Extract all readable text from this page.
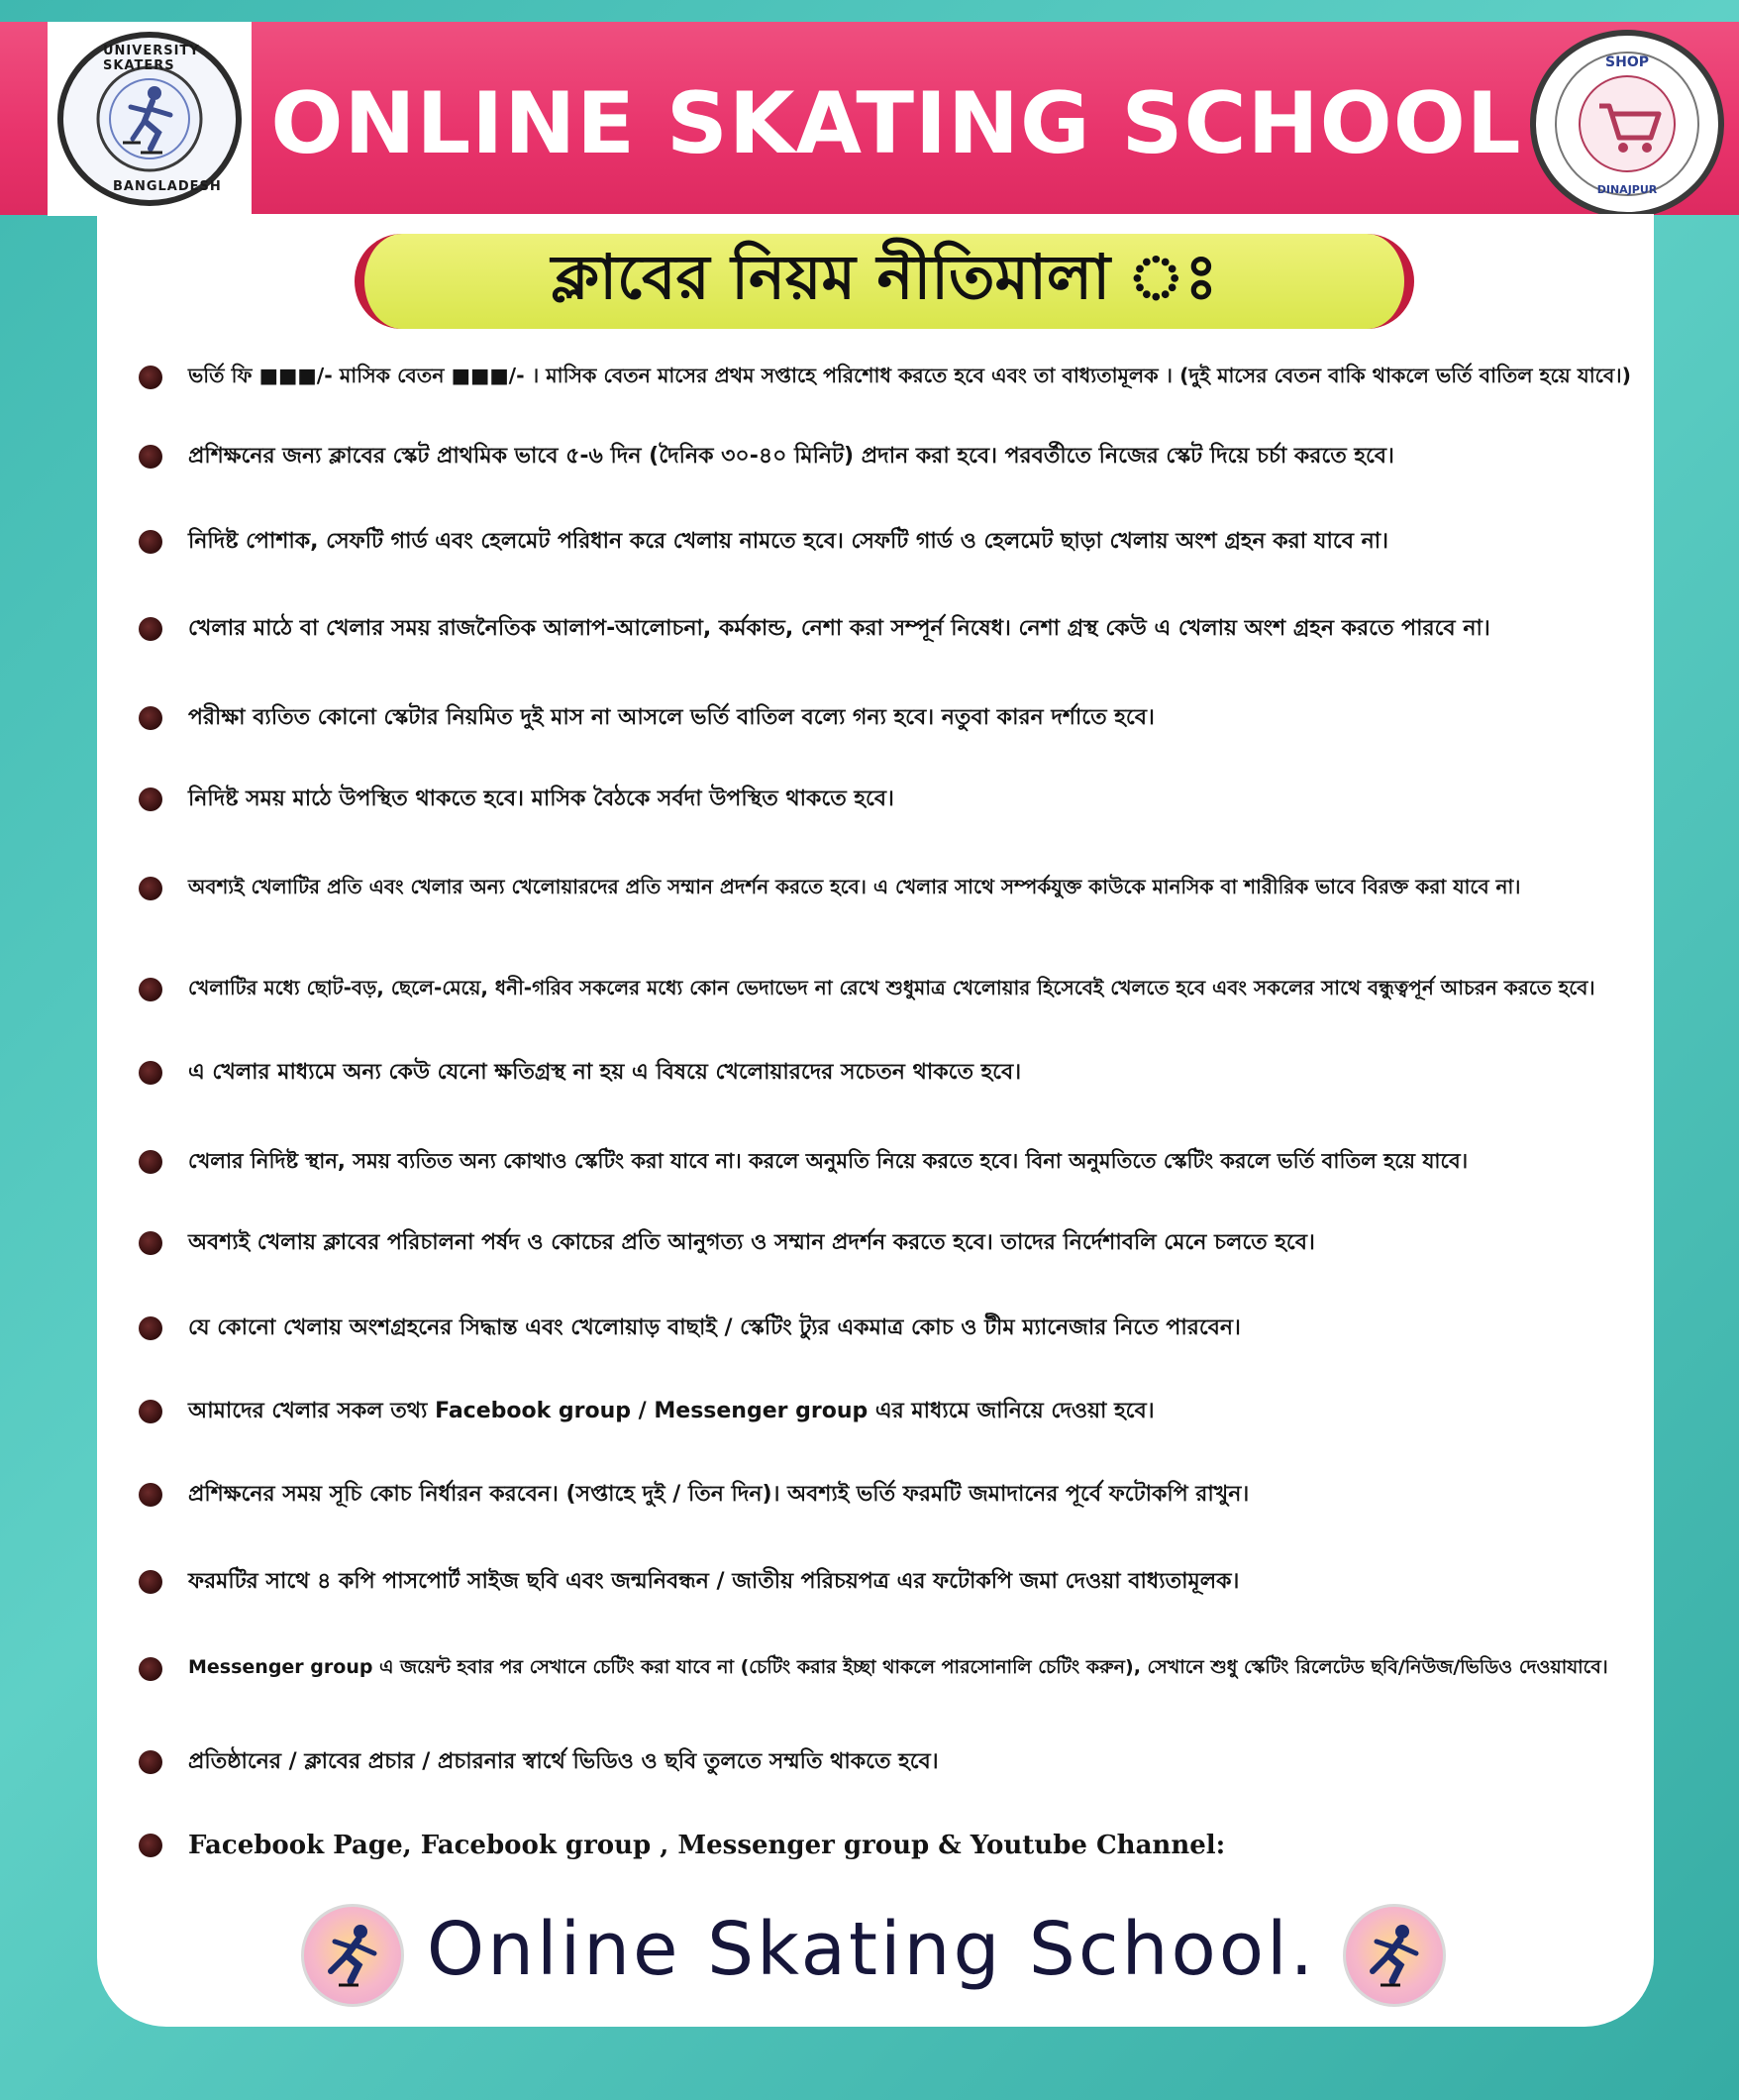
UNIVERSITY SKATERS
BANGLADESH
ONLINE SKATING SCHOOL
SHOP
DINAJPUR
ক্লাবের নিয়ম নীতিমালা ঃ
ভর্তি ফি ■■■/- মাসিক বেতন ■■■/- । মাসিক বেতন মাসের প্রথম সপ্তাহে পরিশোধ করতে হবে এবং তা বাধ্যতামূলক । (দুই মাসের বেতন বাকি থাকলে ভর্তি বাতিল হয়ে যাবে।)
প্রশিক্ষনের জন্য ক্লাবের স্কেট প্রাথমিক ভাবে ৫-৬ দিন (দৈনিক ৩০-৪০ মিনিট) প্রদান করা হবে। পরবর্তীতে নিজের স্কেট দিয়ে চর্চা করতে হবে।
নিদিষ্ট পোশাক, সেফটি গার্ড এবং হেলমেট পরিধান করে খেলায় নামতে হবে। সেফটি গার্ড ও হেলমেট ছাড়া খেলায় অংশ গ্রহন করা যাবে না।
খেলার মাঠে বা খেলার সময় রাজনৈতিক আলাপ-আলোচনা, কর্মকান্ড, নেশা করা সম্পূর্ন নিষেধ। নেশা গ্রস্থ কেউ এ খেলায় অংশ গ্রহন করতে পারবে না।
পরীক্ষা ব্যতিত কোনো স্কেটার নিয়মিত দুই মাস না আসলে ভর্তি বাতিল বল্যে গন্য হবে। নতুবা কারন দর্শাতে হবে।
নিদিষ্ট সময় মাঠে উপস্থিত থাকতে হবে। মাসিক বৈঠকে সর্বদা উপস্থিত থাকতে হবে।
অবশ্যই খেলাটির প্রতি এবং খেলার অন্য খেলোয়ারদের প্রতি সম্মান প্রদর্শন করতে হবে। এ খেলার সাথে সম্পর্কযুক্ত কাউকে মানসিক বা শারীরিক ভাবে বিরক্ত করা যাবে না।
খেলাটির মধ্যে ছোট-বড়, ছেলে-মেয়ে, ধনী-গরিব সকলের মধ্যে কোন ভেদাভেদ না রেখে শুধুমাত্র খেলোয়ার হিসেবেই খেলতে হবে এবং সকলের সাথে বন্ধুত্বপূর্ন আচরন করতে হবে।
এ খেলার মাধ্যমে অন্য কেউ যেনো ক্ষতিগ্রস্থ না হয় এ বিষয়ে খেলোয়ারদের সচেতন থাকতে হবে।
খেলার নিদিষ্ট স্থান, সময় ব্যতিত অন্য কোথাও স্কেটিং করা যাবে না। করলে অনুমতি নিয়ে করতে হবে। বিনা অনুমতিতে স্কেটিং করলে ভর্তি বাতিল হয়ে যাবে।
অবশ্যই খেলায় ক্লাবের পরিচালনা পর্ষদ ও কোচের প্রতি আনুগত্য ও সম্মান প্রদর্শন করতে হবে। তাদের নির্দেশাবলি মেনে চলতে হবে।
যে কোনো খেলায় অংশগ্রহনের সিদ্ধান্ত এবং খেলোয়াড় বাছাই / স্কেটিং ট্যুর একমাত্র কোচ ও টীম ম্যানেজার নিতে পারবেন।
আমাদের খেলার সকল তথ্য Facebook group / Messenger group এর মাধ্যমে জানিয়ে দেওয়া হবে।
প্রশিক্ষনের সময় সূচি কোচ নির্ধারন করবেন। (সপ্তাহে দুই / তিন দিন)। অবশ্যই ভর্তি ফরমটি জমাদানের পূর্বে ফটোকপি রাখুন।
ফরমটির সাথে ৪ কপি পাসপোর্ট সাইজ ছবি এবং জন্মনিবন্ধন / জাতীয় পরিচয়পত্র এর ফটোকপি জমা দেওয়া বাধ্যতামূলক।
Messenger group এ জয়েন্ট হবার পর সেখানে চেটিং করা যাবে না (চেটিং করার ইচ্ছা থাকলে পারসোনালি চেটিং করুন), সেখানে শুধু স্কেটিং রিলেটেড ছবি/নিউজ/ভিডিও দেওয়াযাবে।
প্রতিষ্ঠানের / ক্লাবের প্রচার / প্রচারনার স্বার্থে ভিডিও ও ছবি তুলতে সম্মতি থাকতে হবে।
Facebook Page, Facebook group , Messenger group & Youtube Channel:
Online Skating School.
